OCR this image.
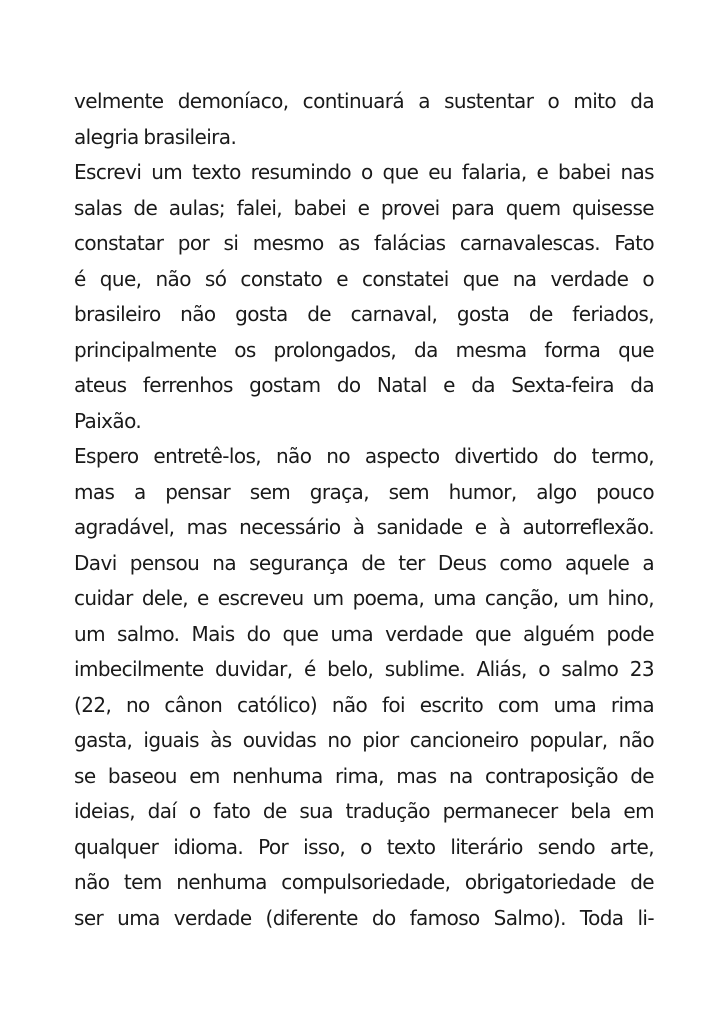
velmente demoníaco, continuará a sustentar o mito da
alegria brasileira.
Escrevi um texto resumindo o que eu falaria, e babei nas
salas de aulas; falei, babei e provei para quem quisesse
constatar por si mesmo as falácias carnavalescas. Fato
é que, não só constato e constatei que na verdade o
brasileiro não gosta de carnaval, gosta de feriados,
principalmente os prolongados, da mesma forma que
ateus ferrenhos gostam do Natal e da Sexta-feira da
Paixão.
Espero entretê-los, não no aspecto divertido do termo,
mas a pensar sem graça, sem humor, algo pouco
agradável, mas necessário à sanidade e à autorreflexão.
Davi pensou na segurança de ter Deus como aquele a
cuidar dele, e escreveu um poema, uma canção, um hino,
um salmo. Mais do que uma verdade que alguém pode
imbecilmente duvidar, é belo, sublime. Aliás, o salmo 23
(22, no cânon católico) não foi escrito com uma rima
gasta, iguais às ouvidas no pior cancioneiro popular, não
se baseou em nenhuma rima, mas na contraposição de
ideias, daí o fato de sua tradução permanecer bela em
qualquer idioma. Por isso, o texto literário sendo arte,
não tem nenhuma compulsoriedade, obrigatoriedade de
ser uma verdade (diferente do famoso Salmo). Toda li-
